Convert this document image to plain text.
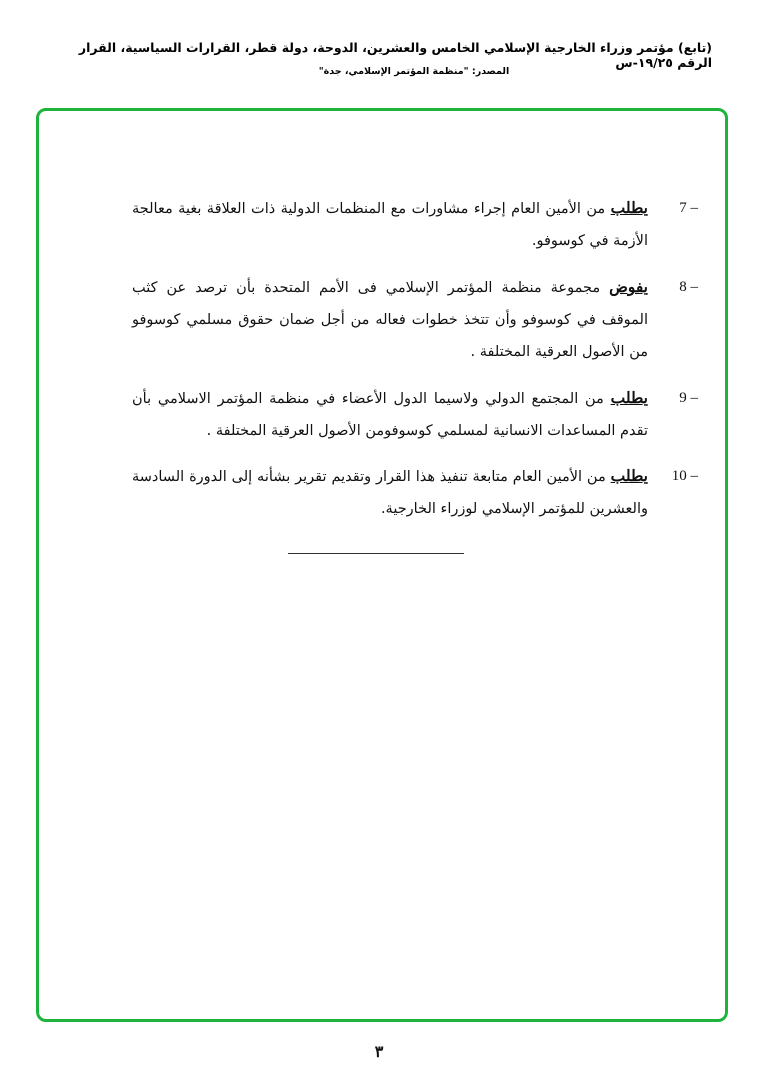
(تابع) مؤتمر وزراء الخارجية الإسلامي الخامس والعشرين، الدوحة، دولة قطر، القرارات السياسية، القرار الرقم ١٩/٢٥-س
المصدر: "منظمة المؤتمر الإسلامي، جدة"
7 –
يطلب من الأمين العام إجراء مشاورات مع المنظمات الدولية ذات العلاقة بغية معالجة الأزمة في كوسوفو.
8 –
يفوض مجموعة منظمة المؤتمر الإسلامي فى الأمم المتحدة بأن ترصد عن كثب الموقف في كوسوفو وأن تتخذ خطوات فعاله من أجل ضمان حقوق مسلمي كوسوفو من الأصول العرقية المختلفة .
9 –
يطلب من المجتمع الدولي ولاسيما الدول الأعضاء في منظمة المؤتمر الاسلامي بأن تقدم المساعدات الانسانية لمسلمي كوسوفومن الأصول العرقية المختلفة .
10 –
يطلب من الأمين العام متابعة تنفيذ هذا القرار وتقديم تقرير بشأنه إلى الدورة السادسة والعشرين للمؤتمر الإسلامي لوزراء الخارجية.
٣
